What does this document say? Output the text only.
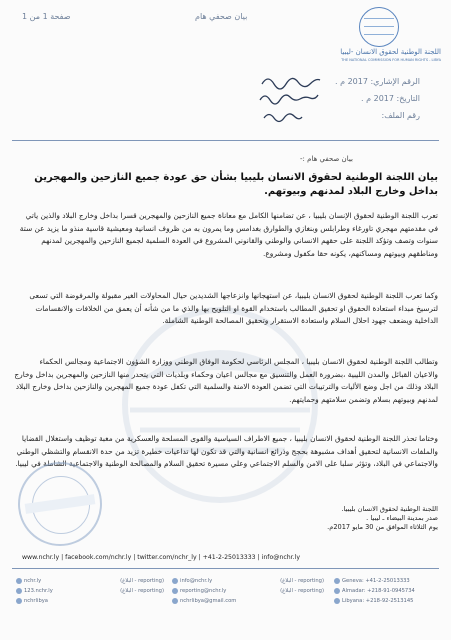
صفحة 1 من 1	بيان صحفي هام
اللجنة الوطنية لحقوق الانسان -ليبيا
THE NATIONAL COMMISSION FOR HUMAN RIGHTS - LIBYA
الرقم الإشاري: 2017 م .
التاريخ: 2017 م .
رقم الملف:
بيان صحفي هام :-
بيان اللجنة الوطنية لحقوق الانسان بليبيا بشأن حق عودة جميع النازحين والمهجرين بداخل وخارج البلاد لمدنهم وبيوتهم.
تعرب اللجنة الوطنية لحقوق الإنسان بليبيا ، عن تضامنها الكامل مع معاناة جميع النازحين والمهجرين قسرا بداخل وخارج البلاد والذين ياتي في مقدمتهم مهجري تاورغاء وطرابلس وبنغازي والطوارق بغدامس وما يمرون به من ظروف انسانية ومعيشية قاسية منذو ما يزيد عن ستة سنوات وتصف وتؤكد اللجنة على حقهم الانساني والوطني والقانوني المشروع في العودة السلمية لجميع النازحين والمهجرين لمدنهم ومناطقهم وبيوتهم ومساكنهم، يكونه حقا مكفول ومشروع.
وكما تعرب اللجنة الوطنية لحقوق الانسان بليبيا، عن استهجانها وانزعاجها الشديدين حيال المحاولات الغير مقبولة والمرفوضة التي تسعى لترسيخ مبداء استعادة الحقوق او تحقيق المطالب باستخدام القوة او التلويح بها والذي ما من شأنه أن يعمق من الخلافات والانقسامات الداخلية ويضعف جهود احلال السلام واستعادة الاستقرار وتحقيق المصالحة الوطنية الشاملة.
وتطالب اللجنة الوطنية لحقوق الانسان بليبيا ، المجلس الرئاسي لحكومة الوفاق الوطني ووزارة الشؤون الاجتماعية ومجالس الحكماء والاعيان القبائل والمدن الليبية ،بضرورة العمل والتنسيق مع مجالس اعيان وحكماء وبلديات التي يتحدر منها النازحين والمهجرين بداخل وخارج البلاد وذلك من اجل وضع الأليات والترتيبات التي تضمن العودة الامنة والسلمية التي تكفل عودة جميع المهجرين والنازحين بداخل وخارج البلاد لمدنهم وبيوتهم بسلام وتضمن سلامتهم وحمايتهم.
وختاما تحذر اللجنة الوطنية لحقوق الانسان بليبيا ، جميع الاطراف السياسية والقوى المسلحة والعسكرية من مغبة توظيف واستغلال القضايا والملفات الانسانية لتحقيق أهداف مشبوهة بحجج وذرائع انسانية والتي قد تكون لها تداعيات خطيرة تزيد من حدة الانقسام والتشظي الوطني والاجتماعي في البلاد، وتؤثر سلبا على الامن والسلم الاجتماعي وعلي مسيرة تحقيق السلام والمصالحة الوطنية والاجتماعية الشاملة في ليبيا.
اللجنة الوطنية لحقوق الانسان بليبيا.
صدر بمدينة البيضاء ـ ليبيا .
يوم الثلاثاء الموافق من 30 مايو 2017م.
www.nchr.ly | facebook.com/nchr.ly | twitter.com/nchr_ly | +41-2-25013333 | info@nchr.ly
nchr.ly
123.nchr.ly
nchrlibya
(reporting - البلاغ)
(reporting - البلاغ)
info@nchr.ly
reporting@nchr.ly
nchrlibya@gmail.com
(reporting - البلاغ)
(reporting - البلاغ)
Geneva: +41-2-25013333
Almadar: +218-91-0945734
Libyana: +218-92-2513145
